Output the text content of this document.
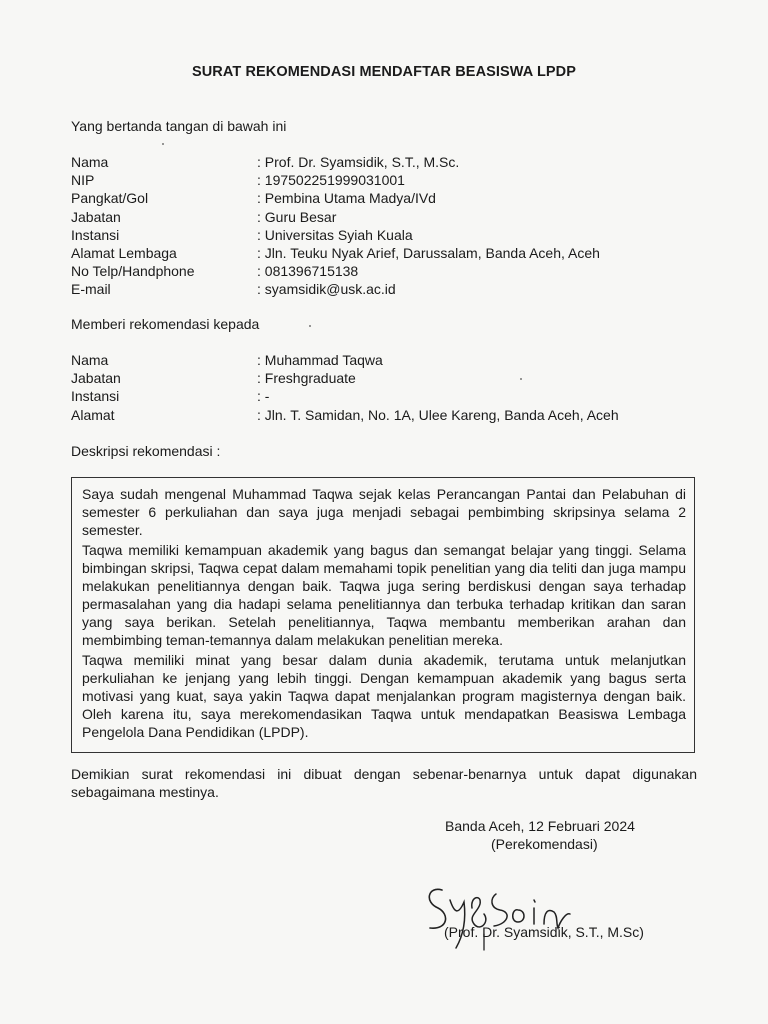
SURAT REKOMENDASI MENDAFTAR BEASISWA LPDP
Yang bertanda tangan di bawah ini
Nama	: Prof. Dr. Syamsidik, S.T., M.Sc.
NIP	: 197502251999031001
Pangkat/Gol	: Pembina Utama Madya/IVd
Jabatan	: Guru Besar
Instansi	: Universitas Syiah Kuala
Alamat Lembaga	: Jln. Teuku Nyak Arief, Darussalam, Banda Aceh, Aceh
No Telp/Handphone	: 081396715138
E-mail	: syamsidik@usk.ac.id
Memberi rekomendasi kepada
Nama	: Muhammad Taqwa
Jabatan	: Freshgraduate
Instansi	: -
Alamat	: Jln. T. Samidan, No. 1A, Ulee Kareng, Banda Aceh, Aceh
Deskripsi rekomendasi :

Saya sudah mengenal Muhammad Taqwa sejak kelas Perancangan Pantai dan Pelabuhan di semester 6 perkuliahan dan saya juga menjadi sebagai pembimbing skripsinya selama 2 semester.

Taqwa memiliki kemampuan akademik yang bagus dan semangat belajar yang tinggi. Selama bimbingan skripsi, Taqwa cepat dalam memahami topik penelitian yang dia teliti dan juga mampu melakukan penelitiannya dengan baik. Taqwa juga sering berdiskusi dengan saya terhadap permasalahan yang dia hadapi selama penelitiannya dan terbuka terhadap kritikan dan saran yang saya berikan. Setelah penelitiannya, Taqwa membantu memberikan arahan dan membimbing teman-temannya dalam melakukan penelitian mereka.

Taqwa memiliki minat yang besar dalam dunia akademik, terutama untuk melanjutkan perkuliahan ke jenjang yang lebih tinggi. Dengan kemampuan akademik yang bagus serta motivasi yang kuat, saya yakin Taqwa dapat menjalankan program magisternya dengan baik. Oleh karena itu, saya merekomendasikan Taqwa untuk mendapatkan Beasiswa Lembaga Pengelola Dana Pendidikan (LPDP).

Demikian surat rekomendasi ini dibuat dengan sebenar-benarnya untuk dapat digunakan sebagaimana mestinya.

Banda Aceh, 12 Februari 2024
(Perekomendasi)
(Prof. Dr. Syamsidik, S.T., M.Sc)
